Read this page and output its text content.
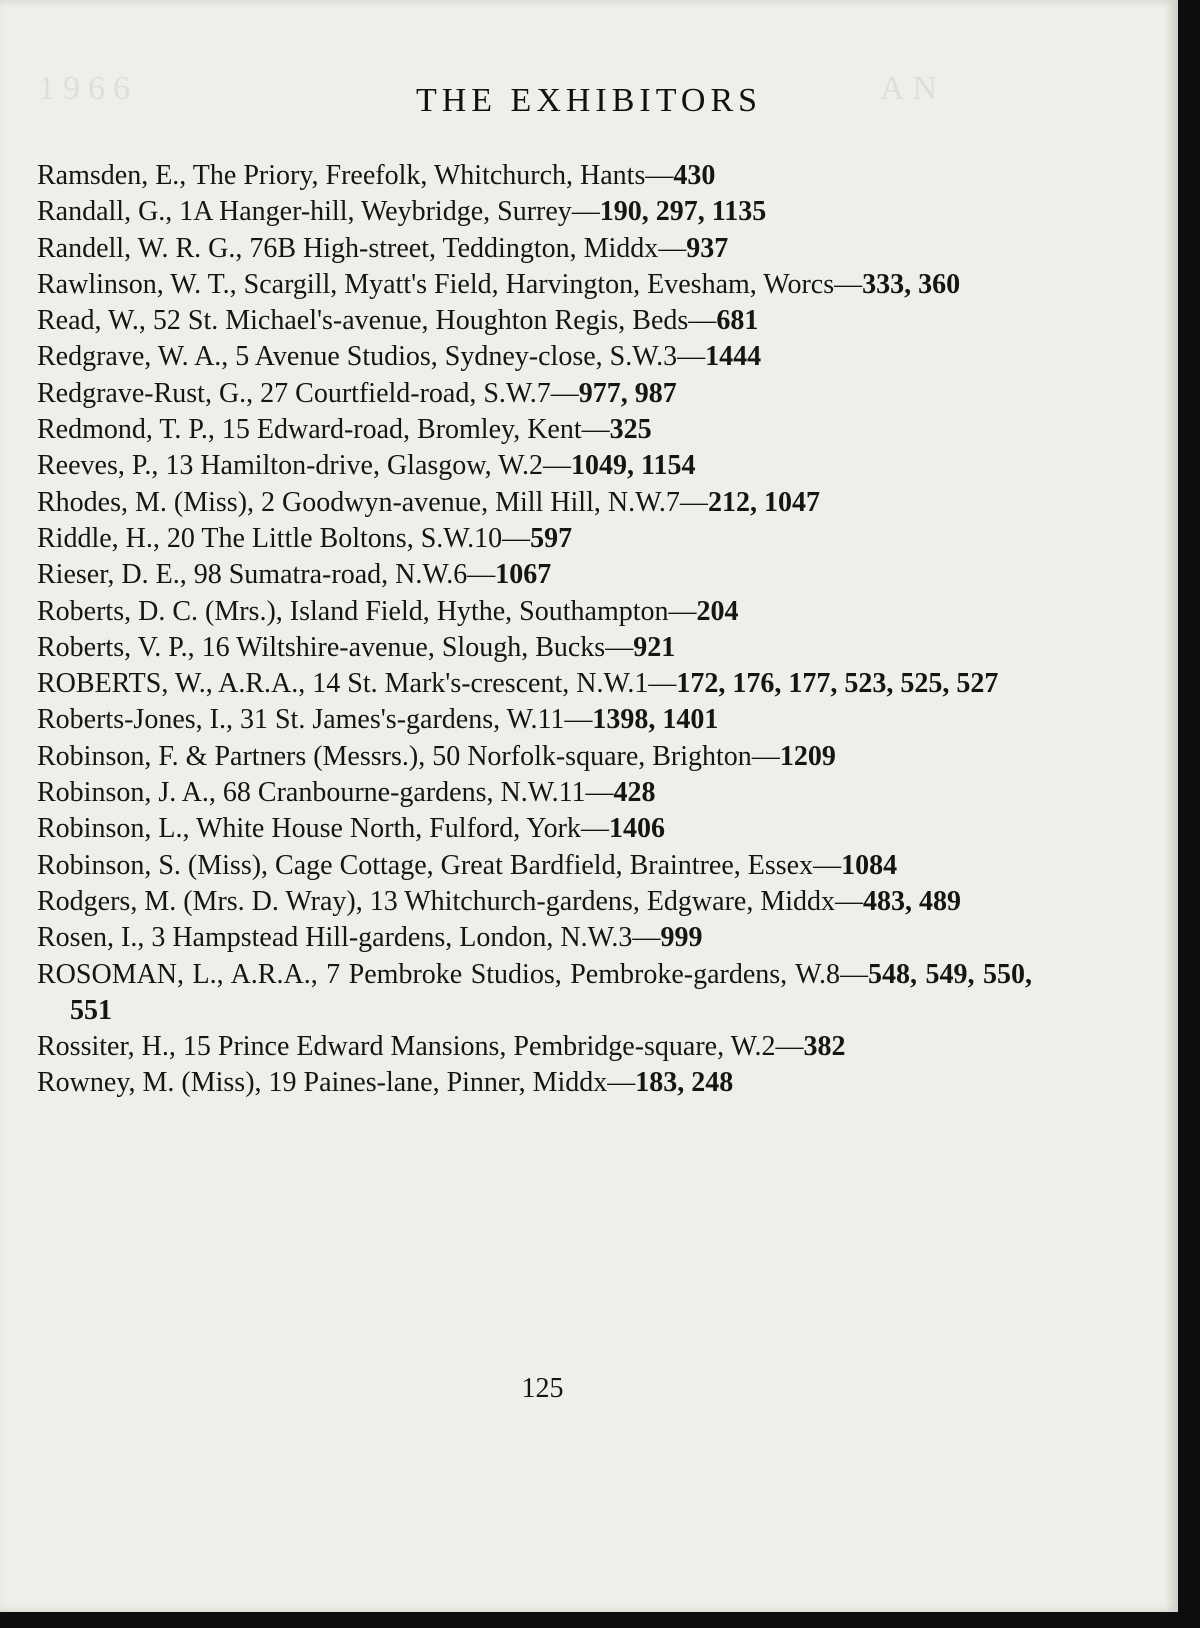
1966	AN
THE EXHIBITORS

Ramsden, E., The Priory, Freefolk, Whitchurch, Hants—430

Randall, G., 1A Hanger-hill, Weybridge, Surrey—190, 297, 1135

Randell, W. R. G., 76B High-street, Teddington, Middx—937

Rawlinson, W. T., Scargill, Myatt's Field, Harvington, Evesham, Worcs—333, 360

Read, W., 52 St. Michael's-avenue, Houghton Regis, Beds—681

Redgrave, W. A., 5 Avenue Studios, Sydney-close, S.W.3—1444

Redgrave-Rust, G., 27 Courtfield-road, S.W.7—977, 987

Redmond, T. P., 15 Edward-road, Bromley, Kent—325

Reeves, P., 13 Hamilton-drive, Glasgow, W.2—1049, 1154

Rhodes, M. (Miss), 2 Goodwyn-avenue, Mill Hill, N.W.7—212, 1047

Riddle, H., 20 The Little Boltons, S.W.10—597

Rieser, D. E., 98 Sumatra-road, N.W.6—1067

Roberts, D. C. (Mrs.), Island Field, Hythe, Southampton—204

Roberts, V. P., 16 Wiltshire-avenue, Slough, Bucks—921

ROBERTS, W., A.R.A., 14 St. Mark's-crescent, N.W.1—172, 176, 177, 523, 525, 527

Roberts-Jones, I., 31 St. James's-gardens, W.11—1398, 1401

Robinson, F. & Partners (Messrs.), 50 Norfolk-square, Brighton—1209

Robinson, J. A., 68 Cranbourne-gardens, N.W.11—428

Robinson, L., White House North, Fulford, York—1406

Robinson, S. (Miss), Cage Cottage, Great Bardfield, Braintree, Essex—1084

Rodgers, M. (Mrs. D. Wray), 13 Whitchurch-gardens, Edgware, Middx—483, 489

Rosen, I., 3 Hampstead Hill-gardens, London, N.W.3—999

ROSOMAN, L., A.R.A., 7 Pembroke Studios, Pembroke-gardens, W.8—548, 549, 550, 551

Rossiter, H., 15 Prince Edward Mansions, Pembridge-square, W.2—382

Rowney, M. (Miss), 19 Paines-lane, Pinner, Middx—183, 248

125
